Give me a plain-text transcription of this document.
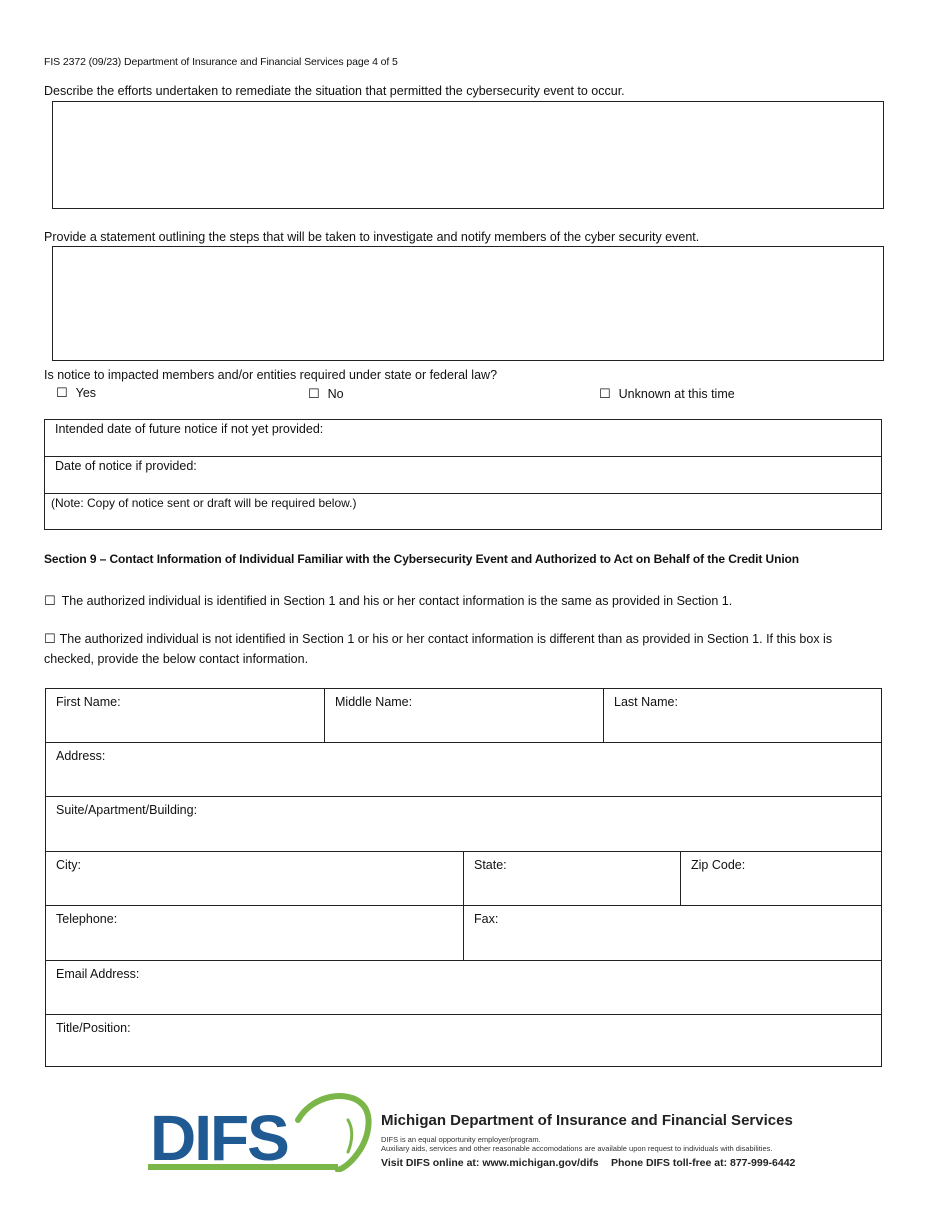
FIS 2372 (09/23) Department of Insurance and Financial Services page 4 of 5
Describe the efforts undertaken to remediate the situation that permitted the cybersecurity event to occur.
Provide a statement outlining the steps that will be taken to investigate and notify members of the cyber security event.
Is notice to impacted members and/or entities required under state or federal law?
☐ Yes	☐ No	☐ Unknown at this time
Intended date of future notice if not yet provided:
Date of notice if provided:
(Note: Copy of notice sent or draft will be required below.)
Section 9 – Contact Information of Individual Familiar with the Cybersecurity Event and Authorized to Act on Behalf of the Credit Union
☐ The authorized individual is identified in Section 1 and his or her contact information is the same as provided in Section 1.
☐ The authorized individual is not identified in Section 1 or his or her contact information is different than as provided in Section 1. If this box is
checked, provide the below contact information.
First Name:	Middle Name:	Last Name:
Address:
Suite/Apartment/Building:
City:	State:	Zip Code:
Telephone:	Fax:
Email Address:
Title/Position:
DIFS	Michigan Department of Insurance and Financial Services
DIFS is an equal opportunity employer/program.
Auxiliary aids, services and other reasonable accomodations are available upon request to individuals with disabilities.
Visit DIFS online at: www.michigan.gov/difs Phone DIFS toll-free at: 877-999-6442
